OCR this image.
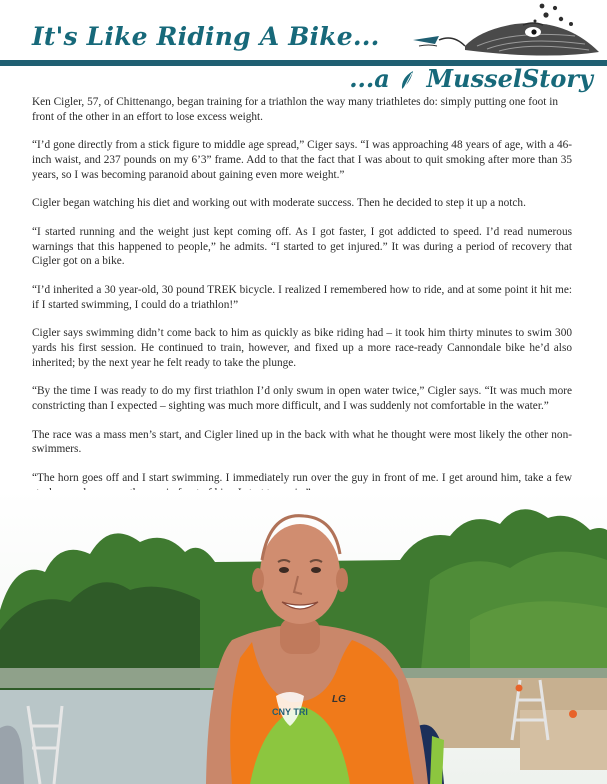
It's Like Riding A Bike...
...a MusselStory

Ken Cigler, 57, of Chittenango, began training for a triathlon the way many triathletes do: simply putting one foot in front of the other in an effort to lose excess weight.

“I’d gone directly from a stick figure to middle age spread,” Ciger says. “I was approaching 48 years of age, with a 46-inch waist, and 237 pounds on my 6’3” frame. Add to that the fact that I was about to quit smoking after more than 35 years, so I was becoming paranoid about gaining even more weight.”

Cigler began watching his diet and working out with moderate success. Then he decided to step it up a notch.

“I started running and the weight just kept coming off. As I got faster, I got addicted to speed. I’d read numerous warnings that this happened to people,” he admits. “I started to get injured.” It was during a period of recovery that Cigler got on a bike.

“I’d inherited a 30 year-old, 30 pound TREK bicycle. I realized I remembered how to ride, and at some point it hit me: if I started swimming, I could do a triathlon!”

Cigler says swimming didn’t come back to him as quickly as bike riding had – it took him thirty minutes to swim 300 yards his first session. He continued to train, however, and fixed up a more race-ready Cannondale bike he’d also inherited; by the next year he felt ready to take the plunge.

“By the time I was ready to do my first triathlon I’d only swum in open water twice,” Cigler says. “It was much more constricting than I expected – sighting was much more difficult, and I was suddenly not comfortable in the water.”

The race was a mass men’s start, and Cigler lined up in the back with what he thought were most likely the other non-swimmers.

“The horn goes off and I start swimming. I immediately run over the guy in front of me. I get around him, take a few

CNY TRI
LG
